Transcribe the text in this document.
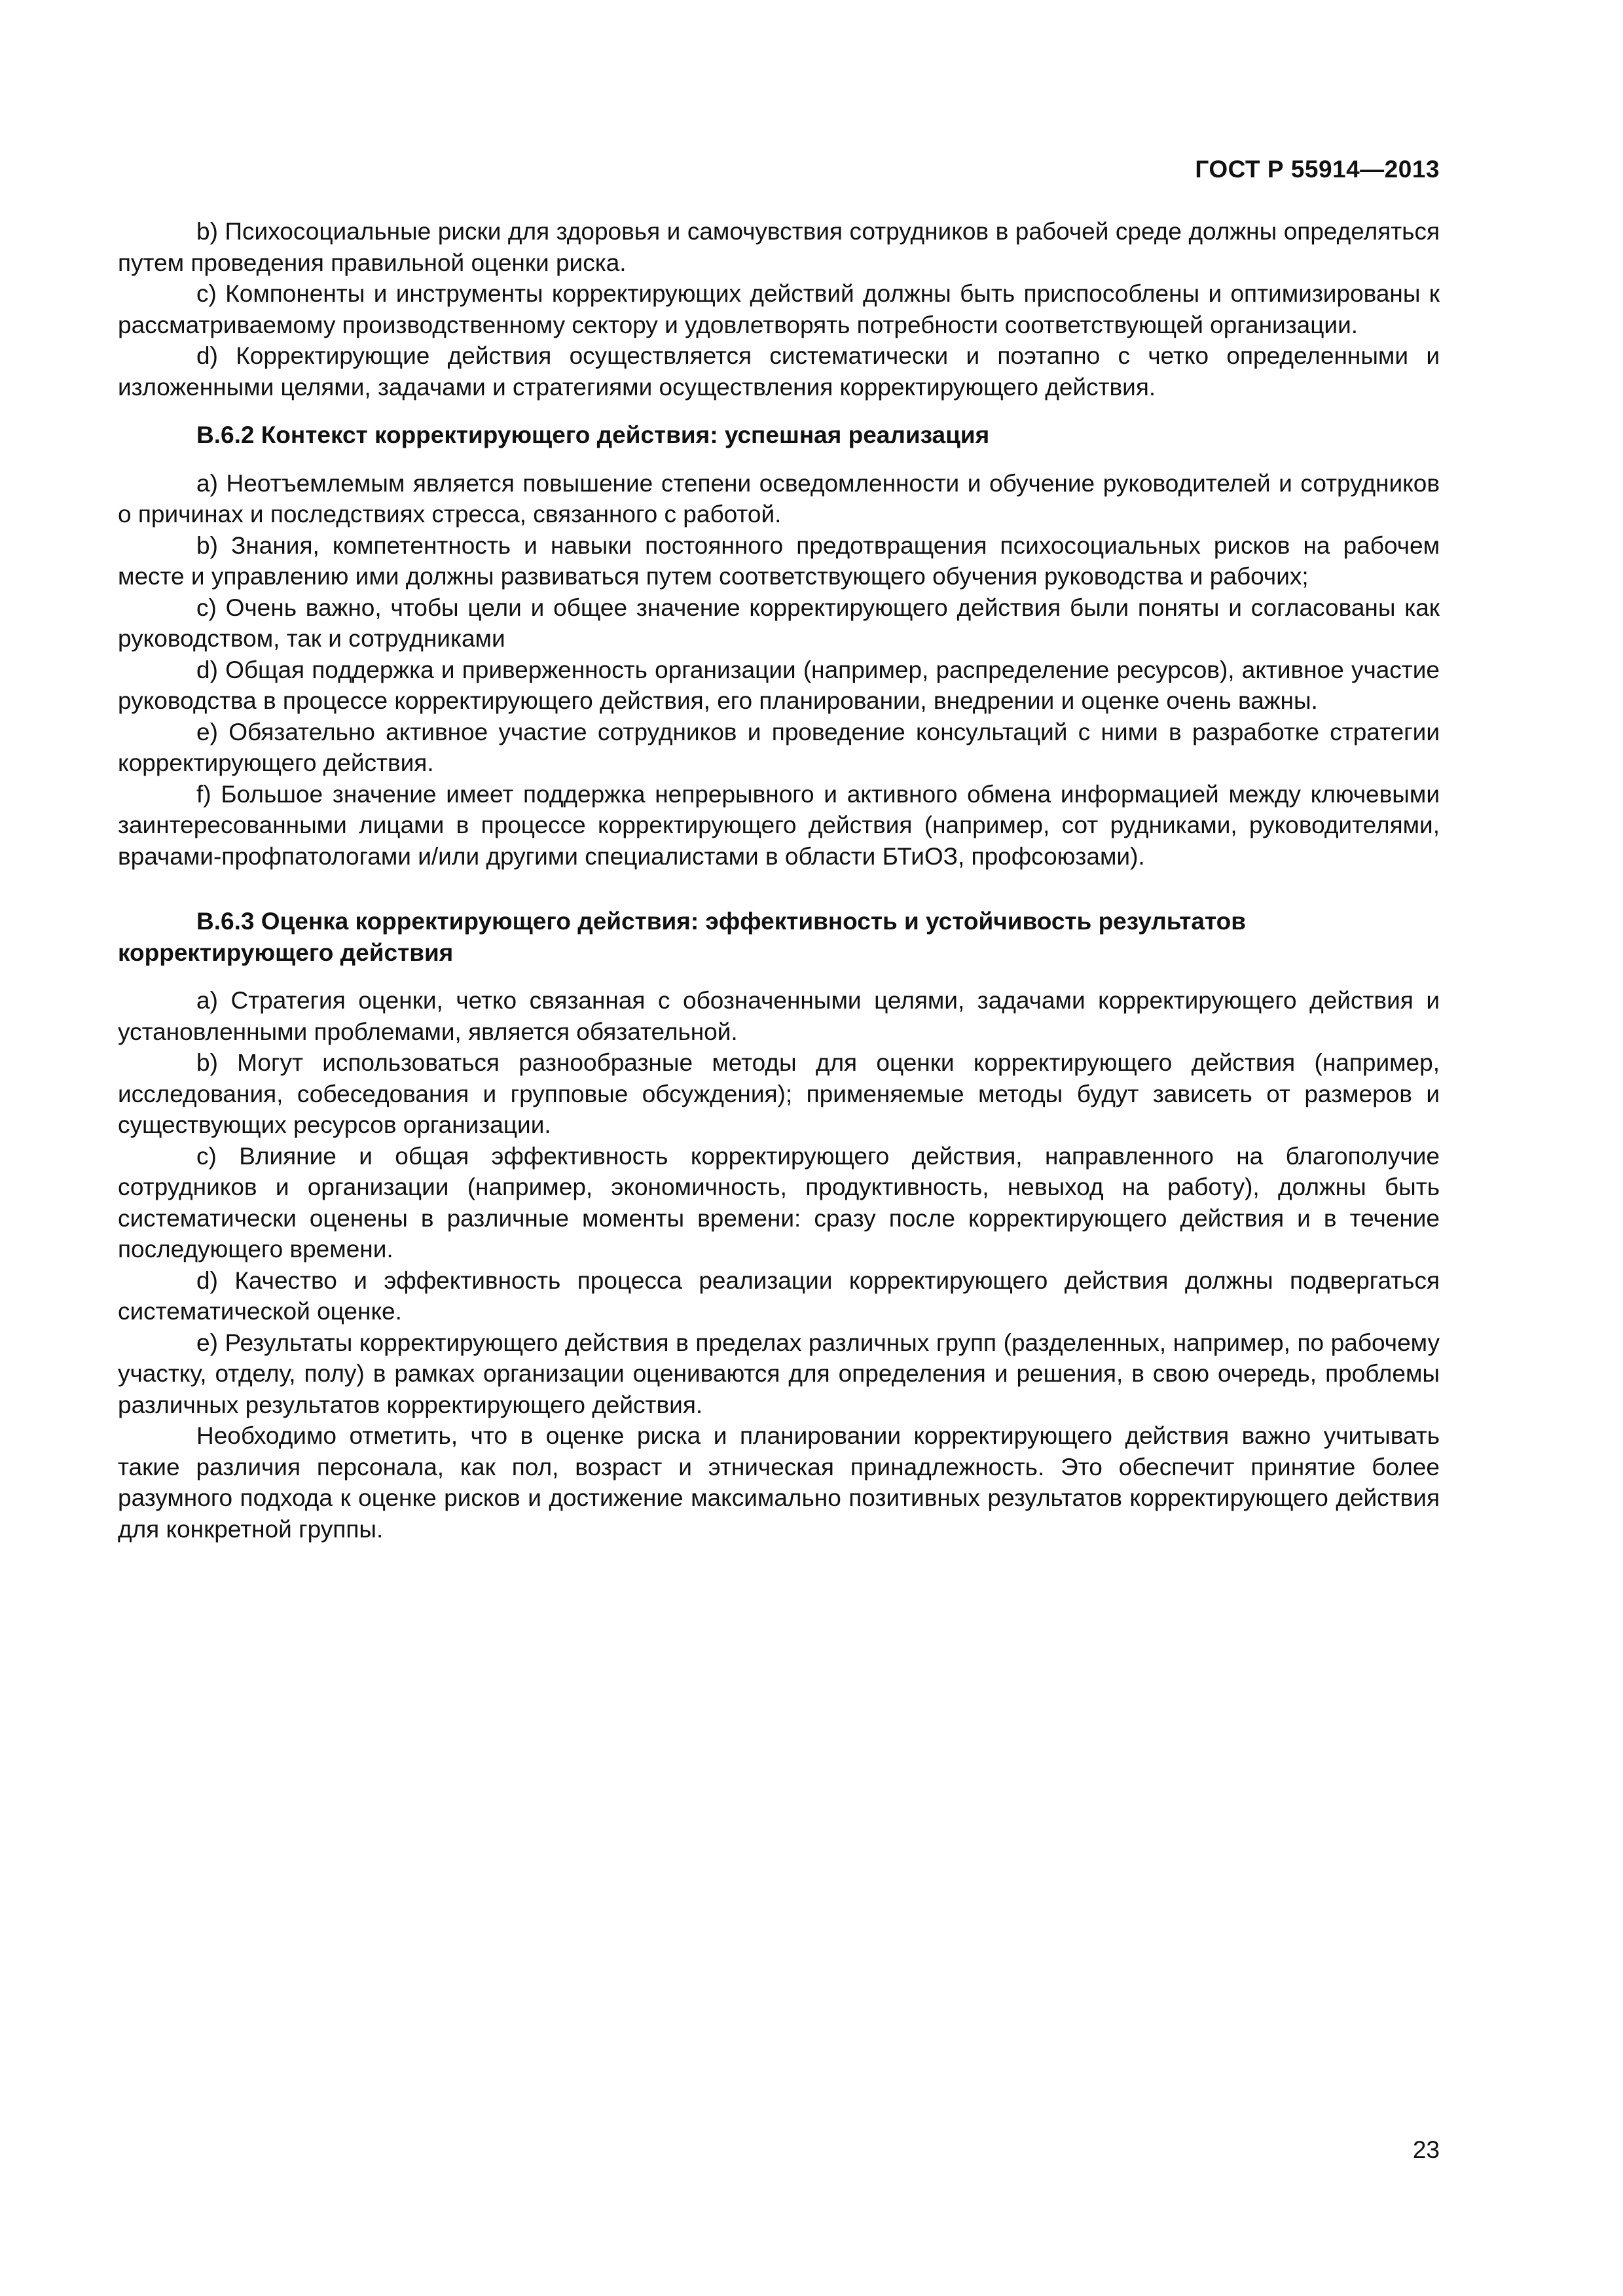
ГОСТ Р 55914—2013

b) Психосоциальные риски для здоровья и самочувствия сотрудников в рабочей среде должны определяться путем проведения правильной оценки риска.

c) Компоненты и инструменты корректирующих действий должны быть приспособлены и оптимизированы к рассматриваемому производственному сектору и удовлетворять потребности соответствующей организации.

d) Корректирующие действия осуществляется систематически и поэтапно с четко определенными и изложенными целями, задачами и стратегиями осуществления корректирующего действия.

В.6.2 Контекст корректирующего действия: успешная реализация

a) Неотъемлемым является повышение степени осведомленности и обучение руководителей и сотрудников о причинах и последствиях стресса, связанного с работой.

b) Знания, компетентность и навыки постоянного предотвращения психосоциальных рисков на рабочем месте и управлению ими должны развиваться путем соответствующего обучения руководства и рабочих;

c) Очень важно, чтобы цели и общее значение корректирующего действия были поняты и согласованы как руководством, так и сотрудниками

d) Общая поддержка и приверженность организации (например, распределение ресурсов), активное участие руководства в процессе корректирующего действия, его планировании, внедрении и оценке очень важны.

e) Обязательно активное участие сотрудников и проведение консультаций с ними в разработке стратегии корректирующего действия.

f) Большое значение имеет поддержка непрерывного и активного обмена информацией между ключевыми заинтересованными лицами в процессе корректирующего действия (например, сот рудниками, руководителями, врачами-профпатологами и/или другими специалистами в области БТиОЗ, профсоюзами).

В.6.3 Оценка корректирующего действия: эффективность и устойчивость результатов корректирующего действия

a) Стратегия оценки, четко связанная с обозначенными целями, задачами корректирующего действия и установленными проблемами, является обязательной.

b) Могут использоваться разнообразные методы для оценки корректирующего действия (например, исследования, собеседования и групповые обсуждения); применяемые методы будут зависеть от размеров и существующих ресурсов организации.

c) Влияние и общая эффективность корректирующего действия, направленного на благополучие сотрудников и организации (например, экономичность, продуктивность, невыход на работу), должны быть систематически оценены в различные моменты времени: сразу после корректирующего действия и в течение последующего времени.

d) Качество и эффективность процесса реализации корректирующего действия должны подвергаться систематической оценке.

e) Результаты корректирующего действия в пределах различных групп (разделенных, например, по рабочему участку, отделу, полу) в рамках организации оцениваются для определения и решения, в свою очередь, проблемы различных результатов корректирующего действия.

Необходимо отметить, что в оценке риска и планировании корректирующего действия важно учитывать такие различия персонала, как пол, возраст и этническая принадлежность. Это обеспечит принятие более разумного подхода к оценке рисков и достижение максимально позитивных результатов корректирующего действия для конкретной группы.

23
